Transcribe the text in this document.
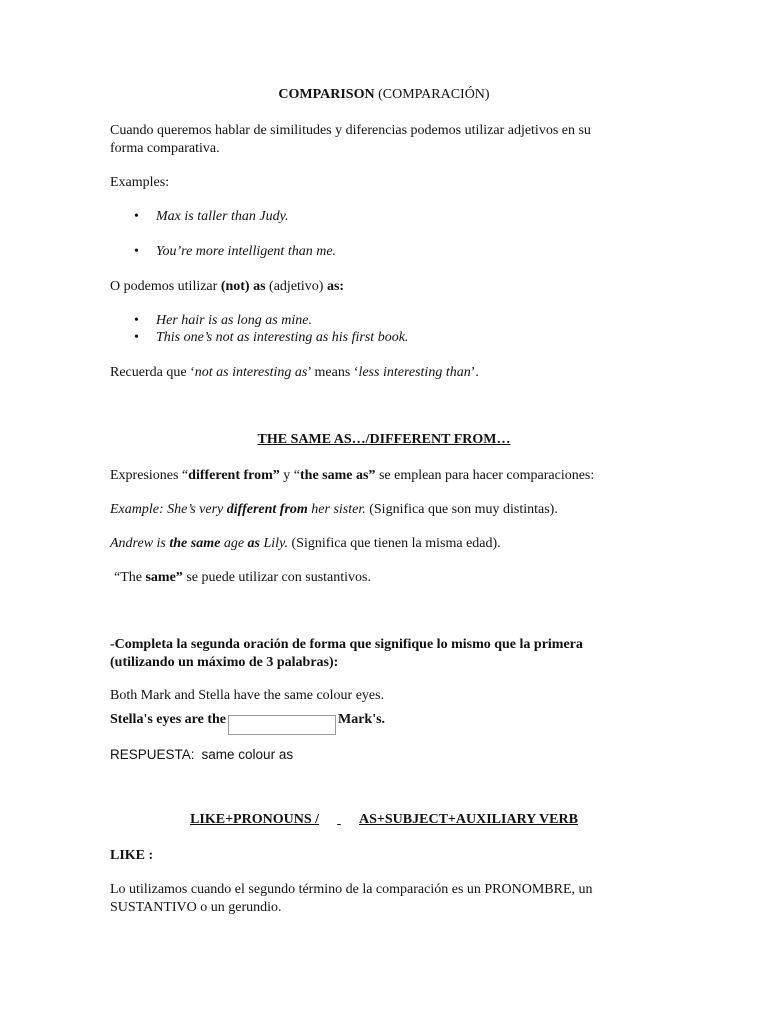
COMPARISON (COMPARACIÓN)
Cuando queremos hablar de similitudes y diferencias podemos utilizar adjetivos en su
forma comparativa.
Examples:
• Max is taller than Judy.
• You’re more intelligent than me.
O podemos utilizar (not) as (adjetivo) as:
• Her hair is as long as mine.
• This one’s not as interesting as his first book.
Recuerda que ‘not as interesting as’ means ‘less interesting than’.
THE SAME AS…/DIFFERENT FROM…
Expresiones “different from” y “the same as” se emplean para hacer comparaciones:
Example: She’s very different from her sister. (Significa que son muy distintas).
Andrew is the same age as Lily. (Significa que tienen la misma edad).
“The same” se puede utilizar con sustantivos.
-Completa la segunda oración de forma que signifique lo mismo que la primera
(utilizando un máximo de 3 palabras):
Both Mark and Stella have the same colour eyes.
Stella's eyes are the	Mark's.
RESPUESTA: same colour as
LIKE+PRONOUNS /	AS+SUBJECT+AUXILIARY VERB
LIKE :
Lo utilizamos cuando el segundo término de la comparación es un PRONOMBRE, un
SUSTANTIVO o un gerundio.
